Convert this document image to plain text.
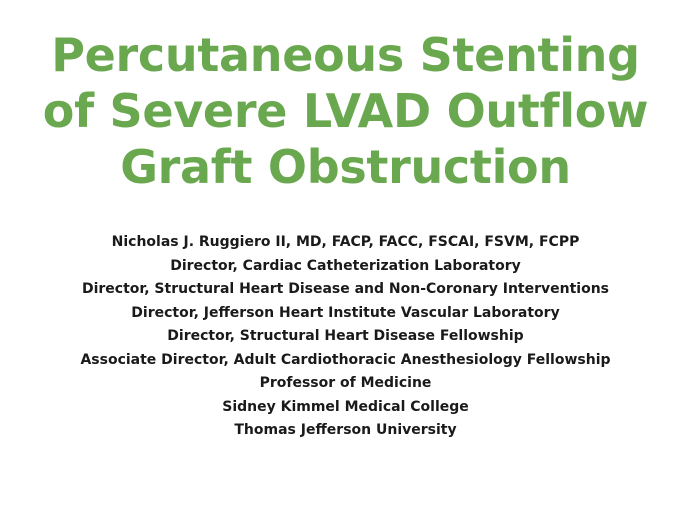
Percutaneous Stenting
of Severe LVAD Outflow
Graft Obstruction
Nicholas J. Ruggiero II, MD, FACP, FACC, FSCAI, FSVM, FCPP
Director, Cardiac Catheterization Laboratory
Director, Structural Heart Disease and Non-Coronary Interventions
Director, Jefferson Heart Institute Vascular Laboratory
Director, Structural Heart Disease Fellowship
Associate Director, Adult Cardiothoracic Anesthesiology Fellowship
Professor of Medicine
Sidney Kimmel Medical College
Thomas Jefferson University
